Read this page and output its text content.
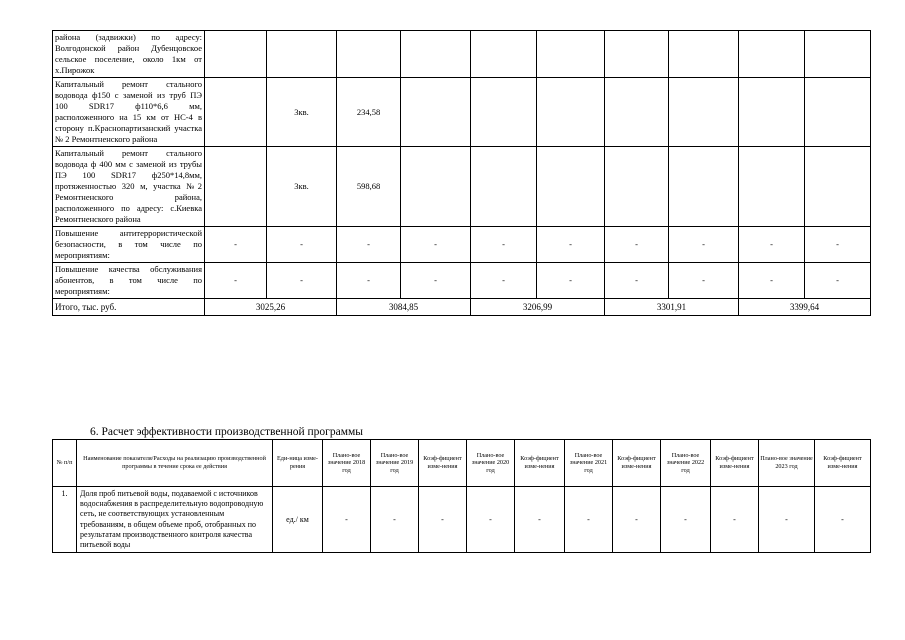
района (задвижки) по адресу: Волгодонской район Дубенцовское сельское поселение, около 1км от х.Пирожок										
Капитальный ремонт стального водовода ф150 с заменой из труб ПЭ 100 SDR17 ф110*6,6 мм, расположенного на 15 км от НС-4 в сторону п.Краснопартизанский участка № 2 Ремонтненского района		3кв.	234,58							
Капитальный ремонт стального водовода ф 400 мм с заменой из трубы ПЭ 100 SDR17 ф250*14,8мм, протяженностью 320 м, участка №2 Ремонтненского района, расположенного по адресу: с.Киевка Ремонтненского района		3кв.	598,68							
Повышение антитеррористической безопасности, в том числе по мероприятиям:	-	-	-	-	-	-	-	-	-	-
Повышение качества обслуживания абонентов, в том числе по мероприятиям:	-	-	-	-	-	-	-	-	-	-
Итого, тыс. руб.	3025,26		3084,85		3206,99		3301,91		3399,64	
6. Расчет эффективности производственной программы
№ п/п	Наименование показателя/Расходы на реализацию производственной программы в течение срока ее действия	Еди-ница изме-рения	Плано-вое значение 2018 год	Плано-вое значение 2019 год	Коэф-фициент изме-нения	Плано-вое значение 2020 год	Коэф-фициент изме-нения	Плано-вое значение 2021 год	Коэф-фициент изме-нения	Плано-вое значение 2022 год	Коэф-фициент изме-нения	Плано-вое значение 2023 год	Коэф-фициент изме-нения
1.	Доля проб питьевой воды, подаваемой с источников водоснабжения в распределительную водопроводную сеть, не соответствующих установленным требованиям, в общем объеме проб, отобранных по результатам производственного контроля качества питьевой воды	ед./ км	-	-	-	-	-	-	-	-	-	-	-
